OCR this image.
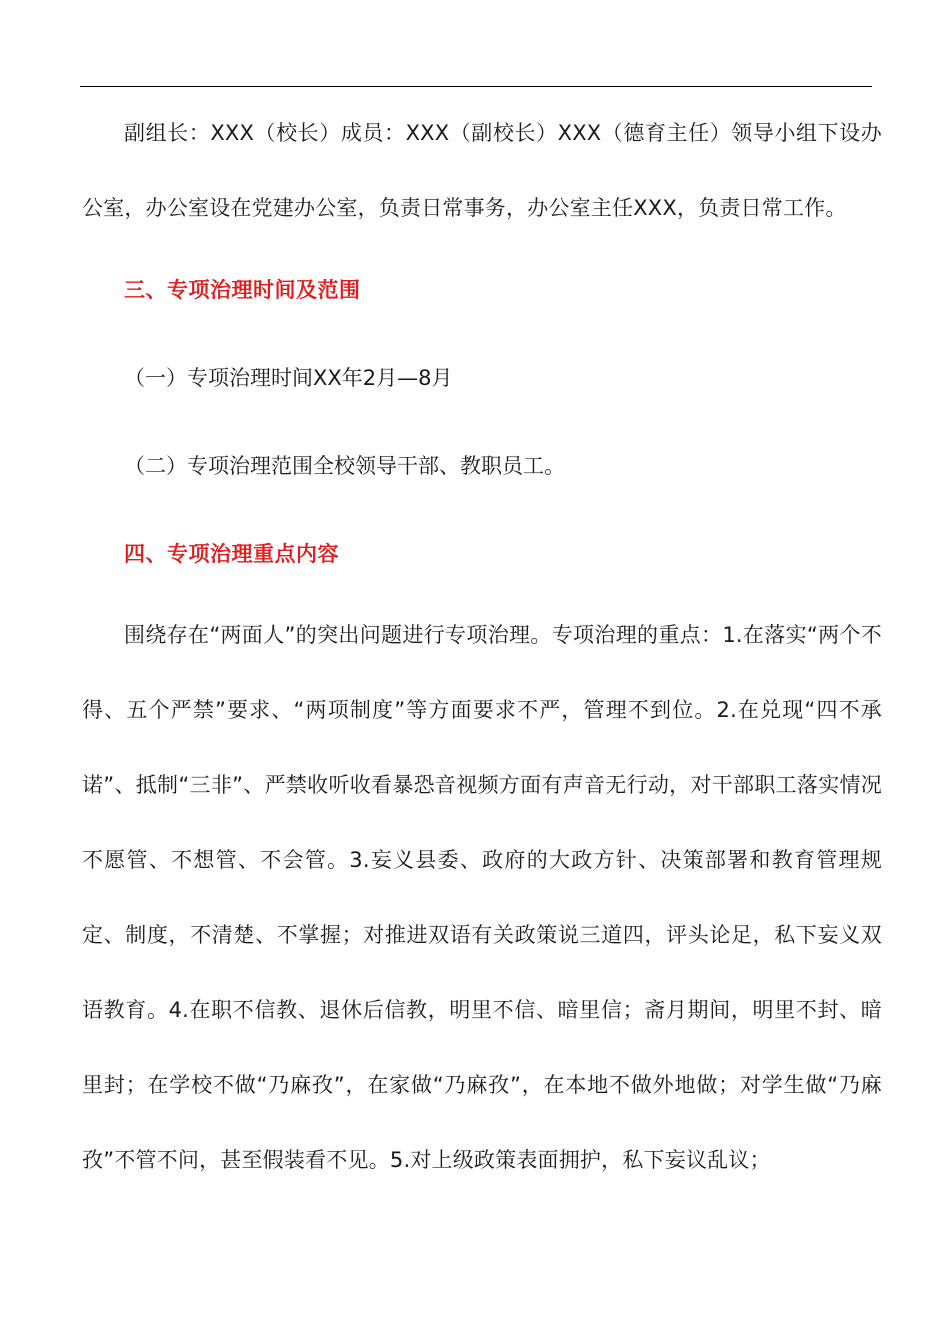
副组长：XXX（校长）成员：XXX（副校长）XXX（德育主任）领导小组下设办公室，办公室设在党建办公室，负责日常事务，办公室主任XXX，负责日常工作。

三、专项治理时间及范围

（一）专项治理时间XX年2月—8月

（二）专项治理范围全校领导干部、教职员工。

四、专项治理重点内容

围绕存在“两面人”的突出问题进行专项治理。专项治理的重点：1.在落实“两个不得、五个严禁”要求、“两项制度”等方面要求不严，管理不到位。2.在兑现“四不承诺”、抵制“三非”、严禁收听收看暴恐音视频方面有声音无行动，对干部职工落实情况不愿管、不想管、不会管。3.妄义县委、政府的大政方针、决策部署和教育管理规定、制度，不清楚、不掌握；对推进双语有关政策说三道四，评头论足，私下妄义双语教育。4.在职不信教、退休后信教，明里不信、暗里信；斋月期间，明里不封、暗里封；在学校不做“乃麻孜”，在家做“乃麻孜”，在本地不做外地做；对学生做“乃麻孜”不管不问，甚至假装看不见。5.对上级政策表面拥护，私下妄议乱议；
